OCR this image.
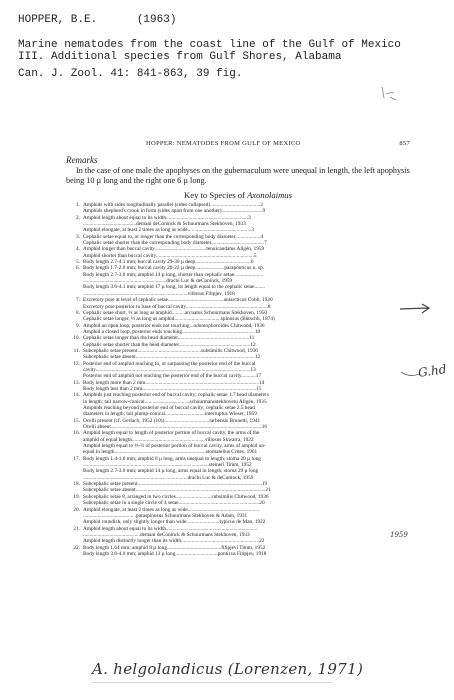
HOPPER, B.E.      (1963)
Marine nematodes from the coast line of the Gulf of Mexico
III. Additional species from Gulf Shores, Alabama
Can. J. Zool. 41: 841-863, 39 fig.
HOPPER: NEMATODES FROM GULF OF MEXICO	857
Remarks
In the case of one male the apophyses on the gubernaculum were unequal in length, the left apophysis being 10 µ long and the right one 6 µ long.
Key to Species of Axonolaimus
1. Amphids with sides longitudinally parallel (sides collapsed)......................................2
Amphids shepherd's crook in form (sides apart from one another)...............................9
2. Amphid length about equal to its width..............................................................3
........................................demani deConinck & Schuurmans Stekhoven, 1933
Amphid elongate, at least 2 times as long as wide................................................3
3. Cephalic setae equal to, or longer than the corresponding body diameter...................4
Cephalic setae shorter than the corresponding body diameter........................................7
4. Amphid longer than buccal cavity.......................................tenuicaudatus Allgén, 1959
Amphid shorter than buccal cavity..........................................................................5
5. Body length 2.7-4.1 mm; buccal cavity 29-30 µ deep..........................................6
6. Body length 1.7-2.0 mm; buccal cavity 20-22 µ deep......................paraponticus n. sp.
Body length 2.7-3.0 mm; amphid 14 µ long, shorter than cephalic setae......................
...............................................................drachi Luc & deConinck, 1959
Body length 3.6-4.1 mm; amphid 17 µ long, its length equal to the cephalic setae........
...............................................................................villosus Filipjev, 1918
7. Excretory pore at level of cephalic setae..........................................antarcticus Cobb, 1930
Excretory pore posterior to base of buccal cavity..............................................................8
8. Cephalic setae short, ⅓ as long as amphid..........arcuatus Schuurmans Stekhoven, 1950
Cephalic setae longer, ⅓ as long as amphid...................................spinosus (Bütschli, 1874)
9. Amphid an open loop, posterior ends not touching...odontophoroides Chitwood, 1936
Amphid a closed loop, posterior ends touching.......................................................10
10. Cephalic setae longer than the head diameter......................................................11
Cephalic setae shorter than the head diameter......................................................12
11. Subcephalic setae present................................................subsimilis Chitwood, 1936
Subcephalic setae absent..........................................................................................12
12. Posterior end of amphid reaching to, or surpassing the posterior end of the buccal
cavity.....................................................................................................................13
Posterior end of amphid not reaching the posterior end of the buccal cavity...........17
13. Body length more than 2 mm......................................................................................14
Body length less than 2 mm......................................................................................15
14. Amphids just reaching posterior end of buccal cavity; cephalic setae 1.7 head diameters
in length; tail narrow-conical..................................schuurmansstekhoveni Allgén, 1935
Amphids reaching beyond posterior end of buccal cavity; cephalic setae 2.5 head
diameters in length; tail plump-conical..............................interruptus Wieser, 1959
15. Ocelli present (cf. Gerlach, 1952 (10))..................................tarbensis Brunetti, 1941
Ocelli absent..................................................................................................................16
16. Amphid length equal to length of posterior portion of buccal cavity, the arms of the
amphid of equal length.......................................................villosus Skwarra, 1922
Amphid length equal to ⅓-½ of posterior portion of buccal cavity, arms of amphid un-
equal in length.....................................................................stomatellus Crites, 1961
17. Body length 1.4-1.6 mm; amphid 8 µ long, arms unequal in length; stoma 20 µ long
...............................................................................................steineri Timm, 1952
Body length 2.7-3.0 mm; amphid 14 µ long, arms equal in length; stoma 29 µ long
...............................................................................drachi Luc & deConinck, 1959
18. Subcephalic setae present..............................................................................................19
Subcephalic setae absent..................................................................................................21
19. Subcephalic setae 8, arranged in two circles...........................subsimilis Chitwood, 1936
Subcephalic setae in a single circle of 4 setae.............................................................20
20. Amphid elongate, at least 2 times as long as wide......................................................
........................................paraspinosus Schuurmans Stekhoven & Adam, 1931
Amphid roundish, only slightly longer than wide.........................typicus de Man, 1922
21. Amphid length about equal to its width.....................................................................
...........................................demani deConinck & Schuurmans Stekhoven, 1933
Amphid length distinctly longer than its width...........................................................22
22. Body length 1.64 mm; amphid 8 µ long.........................................filipjevi Timm, 1952
Body length 3.6-4.0 mm; amphid 13 µ long................................ponticus Filipjev, 1918
G.hd
1959
A. helgolandicus (Lorenzen, 1971)
